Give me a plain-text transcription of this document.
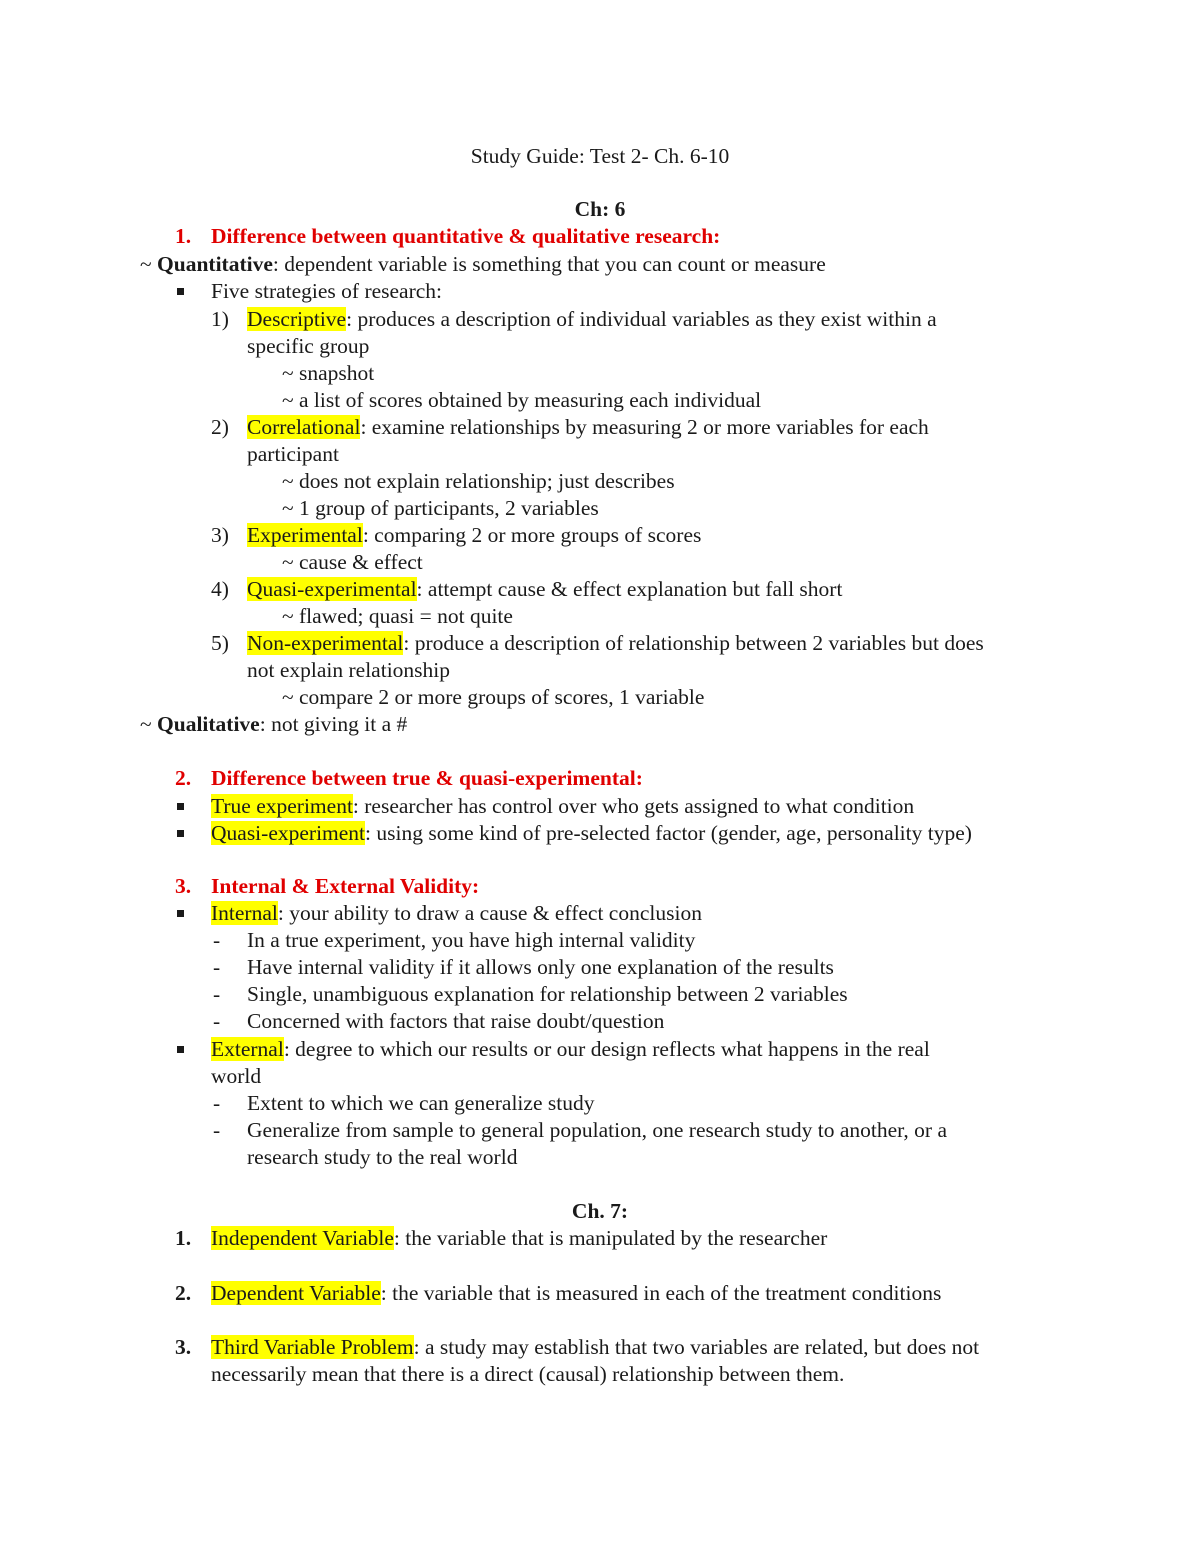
Study Guide: Test 2- Ch. 6-10
Ch: 6
1. Difference between quantitative & qualitative research:
~ Quantitative: dependent variable is something that you can count or measure
Five strategies of research:
1) Descriptive: produces a description of individual variables as they exist within a
specific group
~ snapshot
~ a list of scores obtained by measuring each individual
2) Correlational: examine relationships by measuring 2 or more variables for each
participant
~ does not explain relationship; just describes
~ 1 group of participants, 2 variables
3) Experimental: comparing 2 or more groups of scores
~ cause & effect
4) Quasi-experimental: attempt cause & effect explanation but fall short
~ flawed; quasi = not quite
5) Non-experimental: produce a description of relationship between 2 variables but does
not explain relationship
~ compare 2 or more groups of scores, 1 variable
~ Qualitative: not giving it a #
2. Difference between true & quasi-experimental:
True experiment: researcher has control over who gets assigned to what condition
Quasi-experiment: using some kind of pre-selected factor (gender, age, personality type)
3. Internal & External Validity:
Internal: your ability to draw a cause & effect conclusion
- In a true experiment, you have high internal validity
- Have internal validity if it allows only one explanation of the results
- Single, unambiguous explanation for relationship between 2 variables
- Concerned with factors that raise doubt/question
External: degree to which our results or our design reflects what happens in the real
world
- Extent to which we can generalize study
- Generalize from sample to general population, one research study to another, or a
research study to the real world
Ch. 7:
1. Independent Variable: the variable that is manipulated by the researcher
2. Dependent Variable: the variable that is measured in each of the treatment conditions
3. Third Variable Problem: a study may establish that two variables are related, but does not
necessarily mean that there is a direct (causal) relationship between them.
